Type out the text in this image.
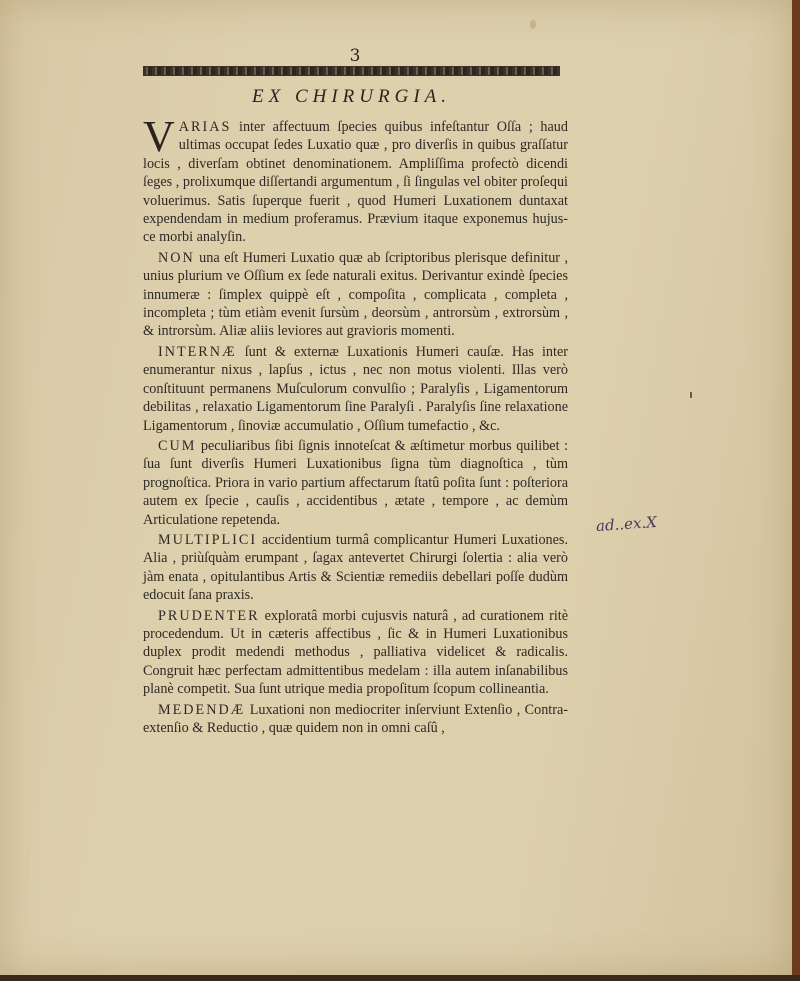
3
EX CHIRURGIA.

VARIAS inter affectuum ſpecies quibus infeſtantur Oſſa ; haud ultimas occupat ſedes Luxatio quæ , pro diverſis in quibus graſſatur locis , diverſam obtinet denominationem. Ampliſſima profectò dicendi ſeges , prolixumque diſſertandi argumentum , ſi ſingulas vel obiter proſequi voluerimus. Satis ſuperque fuerit , quod Humeri Luxationem duntaxat expendendam in medium proferamus. Prævium itaque exponemus hujus-ce morbi analyſin.

NON una eſt Humeri Luxatio quæ ab ſcriptoribus plerisque definitur , unius plurium ve Oſſium ex ſede naturali exitus. Derivantur exindè ſpecies innumeræ : ſimplex quippè eſt , compoſita , complicata , completa , incompleta ; tùm etiàm evenit ſursùm , deorsùm , antrorsùm , extrorsùm , & introrsùm. Aliæ aliis leviores aut gravioris momenti.

INTERNÆ ſunt & externæ Luxationis Humeri cauſæ. Has inter enumerantur nixus , lapſus , ictus , nec non motus violenti. Illas verò conſtituunt permanens Muſculorum convulſio ; Paralyſis , Ligamentorum debilitas , relaxatio Ligamentorum ſine Paralyſi . Paralyſis ſine relaxatione Ligamentorum , ſinoviæ accumulatio , Oſſium tumefactio , &c.

CUM peculiaribus ſibi ſignis innoteſcat & æſtimetur morbus quilibet : ſua ſunt diverſis Humeri Luxationibus ſigna tùm diagnoſtica , tùm prognoſtica. Priora in vario partium affectarum ſtatû poſita ſunt : poſteriora autem ex ſpecie , cauſis , accidentibus , ætate , tempore , ac demùm Articulatione repetenda.

MULTIPLICI accidentium turmâ complicantur Humeri Luxationes. Alia , priùſquàm erumpant , ſagax antevertet Chirurgi ſolertia : alia verò jàm enata , opitulantibus Artis & Scientiæ remediis debellari poſſe dudùm edocuit ſana praxis.

PRUDENTER exploratâ morbi cujusvis naturâ , ad curationem ritè procedendum. Ut in cæteris affectibus , ſic & in Humeri Luxationibus duplex prodit medendi methodus , palliativa videlicet & radicalis. Congruit hæc perfectam admittentibus medelam : illa autem inſanabilibus planè competit. Sua ſunt utrique media propoſitum ſcopum collineantia.

MEDENDÆ Luxationi non mediocriter inſerviunt Extenſio , Contra-extenſio & Reductio , quæ quidem non in omni caſû ,

ad..ex.X
